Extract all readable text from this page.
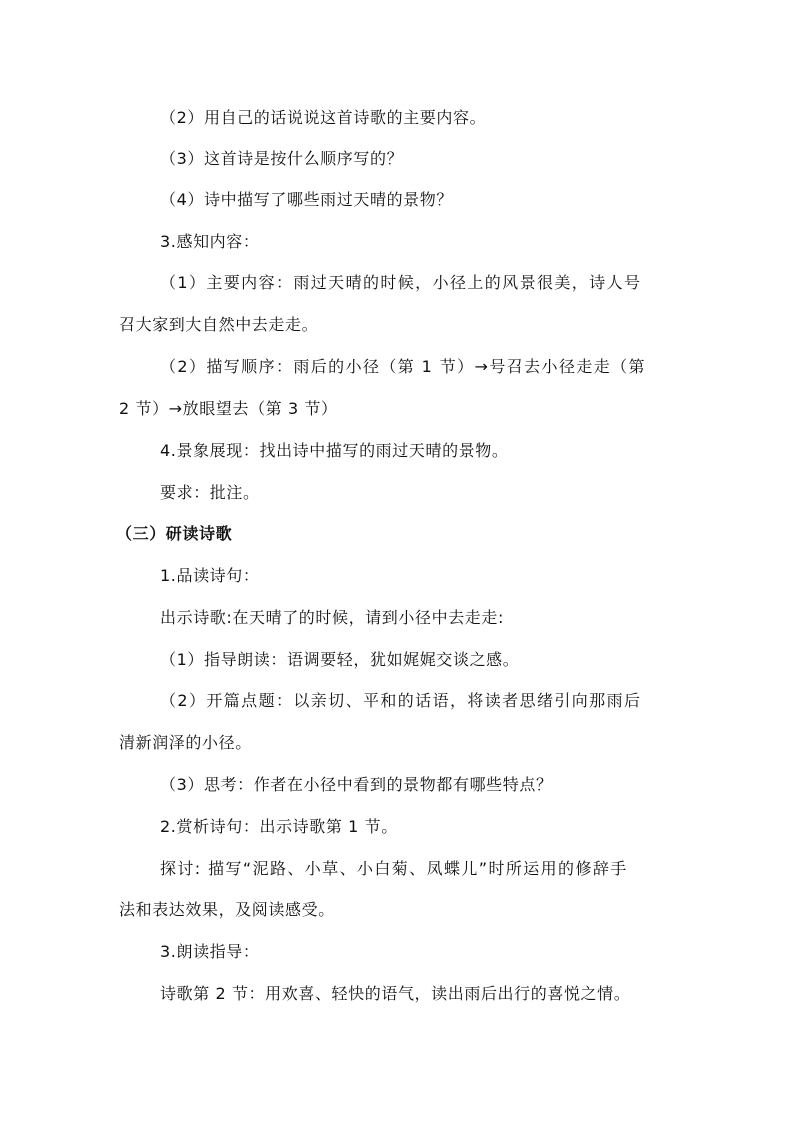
（2）用自己的话说说这首诗歌的主要内容。
（3）这首诗是按什么顺序写的？
（4）诗中描写了哪些雨过天晴的景物？
3.感知内容：
（1）主要内容：雨过天晴的时候，小径上的风景很美，诗人号
召大家到大自然中去走走。
（2）描写顺序：雨后的小径（第 1 节）→号召去小径走走（第
2 节）→放眼望去（第 3 节）
4.景象展现：找出诗中描写的雨过天晴的景物。
要求：批注。
（三）研读诗歌
1.品读诗句：
出示诗歌:在天晴了的时候，请到小径中去走走:
（1）指导朗读：语调要轻，犹如娓娓交谈之感。
（2）开篇点题：以亲切、平和的话语，将读者思绪引向那雨后
清新润泽的小径。
（3）思考：作者在小径中看到的景物都有哪些特点？
2.赏析诗句：出示诗歌第 1 节。
探讨: 描写“泥路、小草、小白菊、凤蝶儿”时所运用的修辞手
法和表达效果，及阅读感受。
3.朗读指导：
诗歌第 2 节：用欢喜、轻快的语气，读出雨后出行的喜悦之情。
